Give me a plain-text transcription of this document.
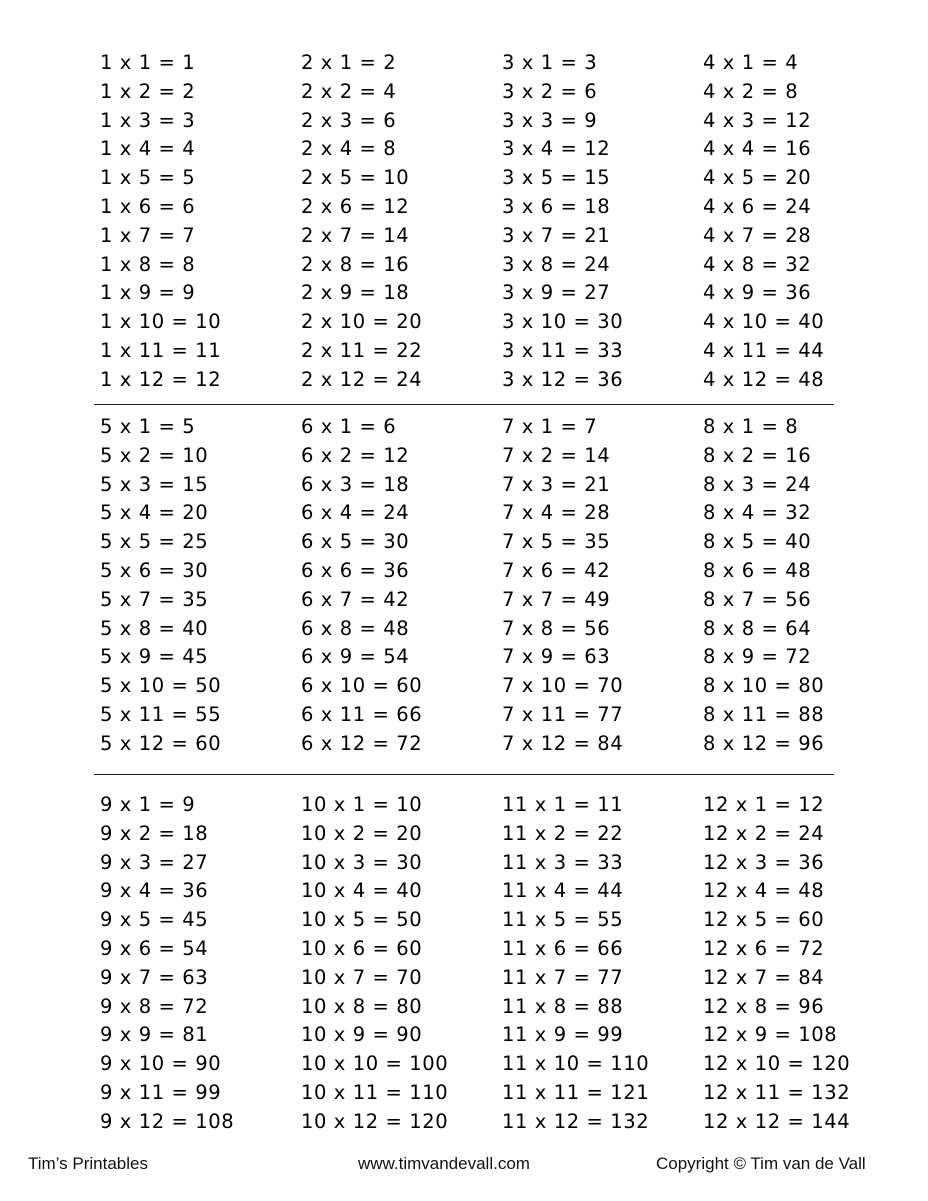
1 x 1 = 1
1 x 2 = 2
1 x 3 = 3
1 x 4 = 4
1 x 5 = 5
1 x 6 = 6
1 x 7 = 7
1 x 8 = 8
1 x 9 = 9
1 x 10 = 10
1 x 11 = 11
1 x 12 = 12
2 x 1 = 2
2 x 2 = 4
2 x 3 = 6
2 x 4 = 8
2 x 5 = 10
2 x 6 = 12
2 x 7 = 14
2 x 8 = 16
2 x 9 = 18
2 x 10 = 20
2 x 11 = 22
2 x 12 = 24
3 x 1 = 3
3 x 2 = 6
3 x 3 = 9
3 x 4 = 12
3 x 5 = 15
3 x 6 = 18
3 x 7 = 21
3 x 8 = 24
3 x 9 = 27
3 x 10 = 30
3 x 11 = 33
3 x 12 = 36
4 x 1 = 4
4 x 2 = 8
4 x 3 = 12
4 x 4 = 16
4 x 5 = 20
4 x 6 = 24
4 x 7 = 28
4 x 8 = 32
4 x 9 = 36
4 x 10 = 40
4 x 11 = 44
4 x 12 = 48
5 x 1 = 5
5 x 2 = 10
5 x 3 = 15
5 x 4 = 20
5 x 5 = 25
5 x 6 = 30
5 x 7 = 35
5 x 8 = 40
5 x 9 = 45
5 x 10 = 50
5 x 11 = 55
5 x 12 = 60
6 x 1 = 6
6 x 2 = 12
6 x 3 = 18
6 x 4 = 24
6 x 5 = 30
6 x 6 = 36
6 x 7 = 42
6 x 8 = 48
6 x 9 = 54
6 x 10 = 60
6 x 11 = 66
6 x 12 = 72
7 x 1 = 7
7 x 2 = 14
7 x 3 = 21
7 x 4 = 28
7 x 5 = 35
7 x 6 = 42
7 x 7 = 49
7 x 8 = 56
7 x 9 = 63
7 x 10 = 70
7 x 11 = 77
7 x 12 = 84
8 x 1 = 8
8 x 2 = 16
8 x 3 = 24
8 x 4 = 32
8 x 5 = 40
8 x 6 = 48
8 x 7 = 56
8 x 8 = 64
8 x 9 = 72
8 x 10 = 80
8 x 11 = 88
8 x 12 = 96
9 x 1 = 9
9 x 2 = 18
9 x 3 = 27
9 x 4 = 36
9 x 5 = 45
9 x 6 = 54
9 x 7 = 63
9 x 8 = 72
9 x 9 = 81
9 x 10 = 90
9 x 11 = 99
9 x 12 = 108
10 x 1 = 10
10 x 2 = 20
10 x 3 = 30
10 x 4 = 40
10 x 5 = 50
10 x 6 = 60
10 x 7 = 70
10 x 8 = 80
10 x 9 = 90
10 x 10 = 100
10 x 11 = 110
10 x 12 = 120
11 x 1 = 11
11 x 2 = 22
11 x 3 = 33
11 x 4 = 44
11 x 5 = 55
11 x 6 = 66
11 x 7 = 77
11 x 8 = 88
11 x 9 = 99
11 x 10 = 110
11 x 11 = 121
11 x 12 = 132
12 x 1 = 12
12 x 2 = 24
12 x 3 = 36
12 x 4 = 48
12 x 5 = 60
12 x 6 = 72
12 x 7 = 84
12 x 8 = 96
12 x 9 = 108
12 x 10 = 120
12 x 11 = 132
12 x 12 = 144
Tim’s Printables	www.timvandevall.com	Copyright © Tim van de Vall
